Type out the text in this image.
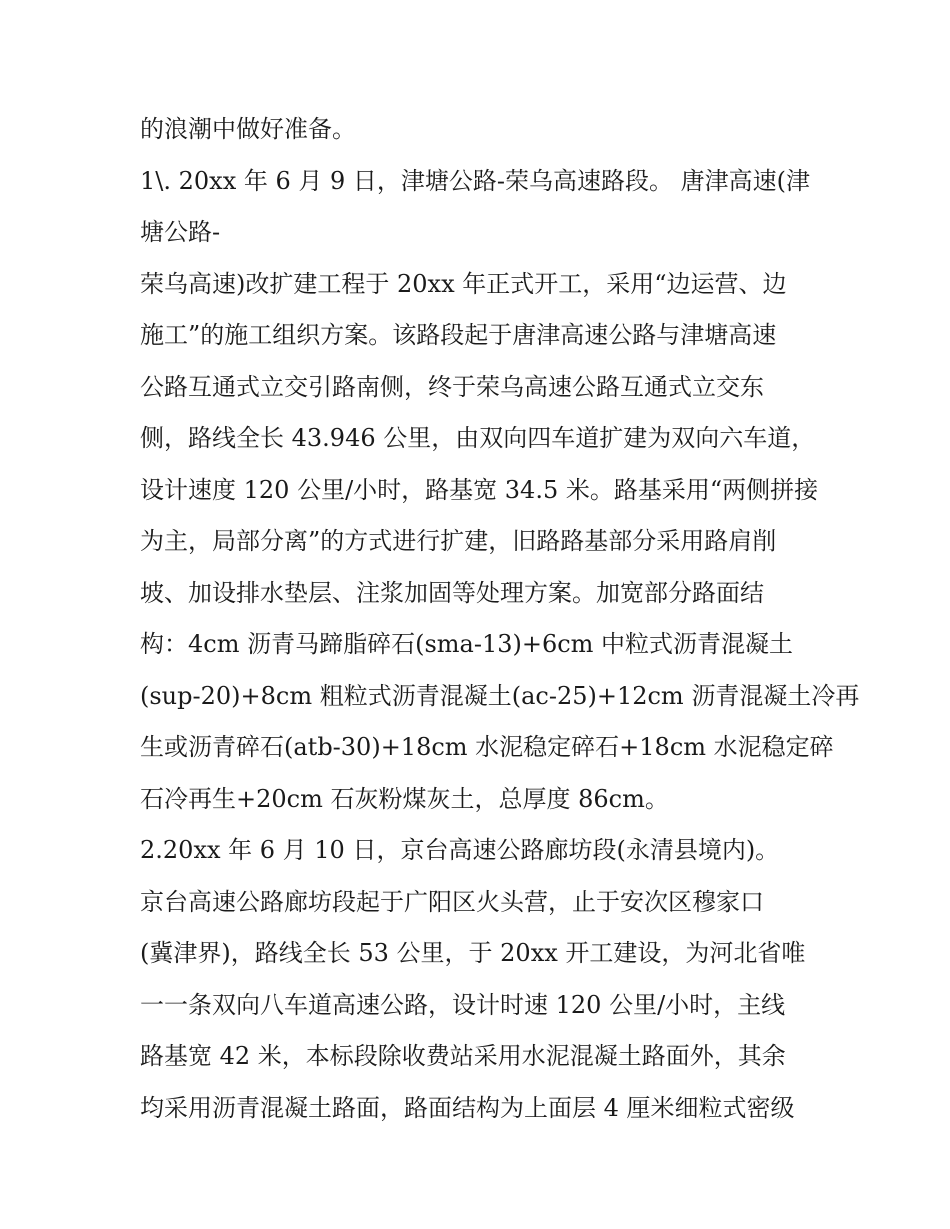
的浪潮中做好准备。
1\. 20xx 年 6 月 9 日，津塘公路-荣乌高速路段。 唐津高速(津
塘公路-
荣乌高速)改扩建工程于 20xx 年正式开工，采用“边运营、边
施工”的施工组织方案。该路段起于唐津高速公路与津塘高速
公路互通式立交引路南侧，终于荣乌高速公路互通式立交东
侧，路线全长 43.946 公里，由双向四车道扩建为双向六车道，
设计速度 120 公里/小时，路基宽 34.5 米。路基采用“两侧拼接
为主，局部分离”的方式进行扩建，旧路路基部分采用路肩削
坡、加设排水垫层、注浆加固等处理方案。加宽部分路面结
构：4cm 沥青马蹄脂碎石(sma-13)+6cm 中粒式沥青混凝土
(sup-20)+8cm 粗粒式沥青混凝土(ac-25)+12cm 沥青混凝土冷再
生或沥青碎石(atb-30)+18cm 水泥稳定碎石+18cm 水泥稳定碎
石冷再生+20cm 石灰粉煤灰土，总厚度 86cm。
2.20xx 年 6 月 10 日，京台高速公路廊坊段(永清县境内)。
京台高速公路廊坊段起于广阳区火头营，止于安次区穆家口
(冀津界)，路线全长 53 公里，于 20xx 开工建设，为河北省唯
一一条双向八车道高速公路，设计时速 120 公里/小时，主线
路基宽 42 米，本标段除收费站采用水泥混凝土路面外，其余
均采用沥青混凝土路面，路面结构为上面层 4 厘米细粒式密级
